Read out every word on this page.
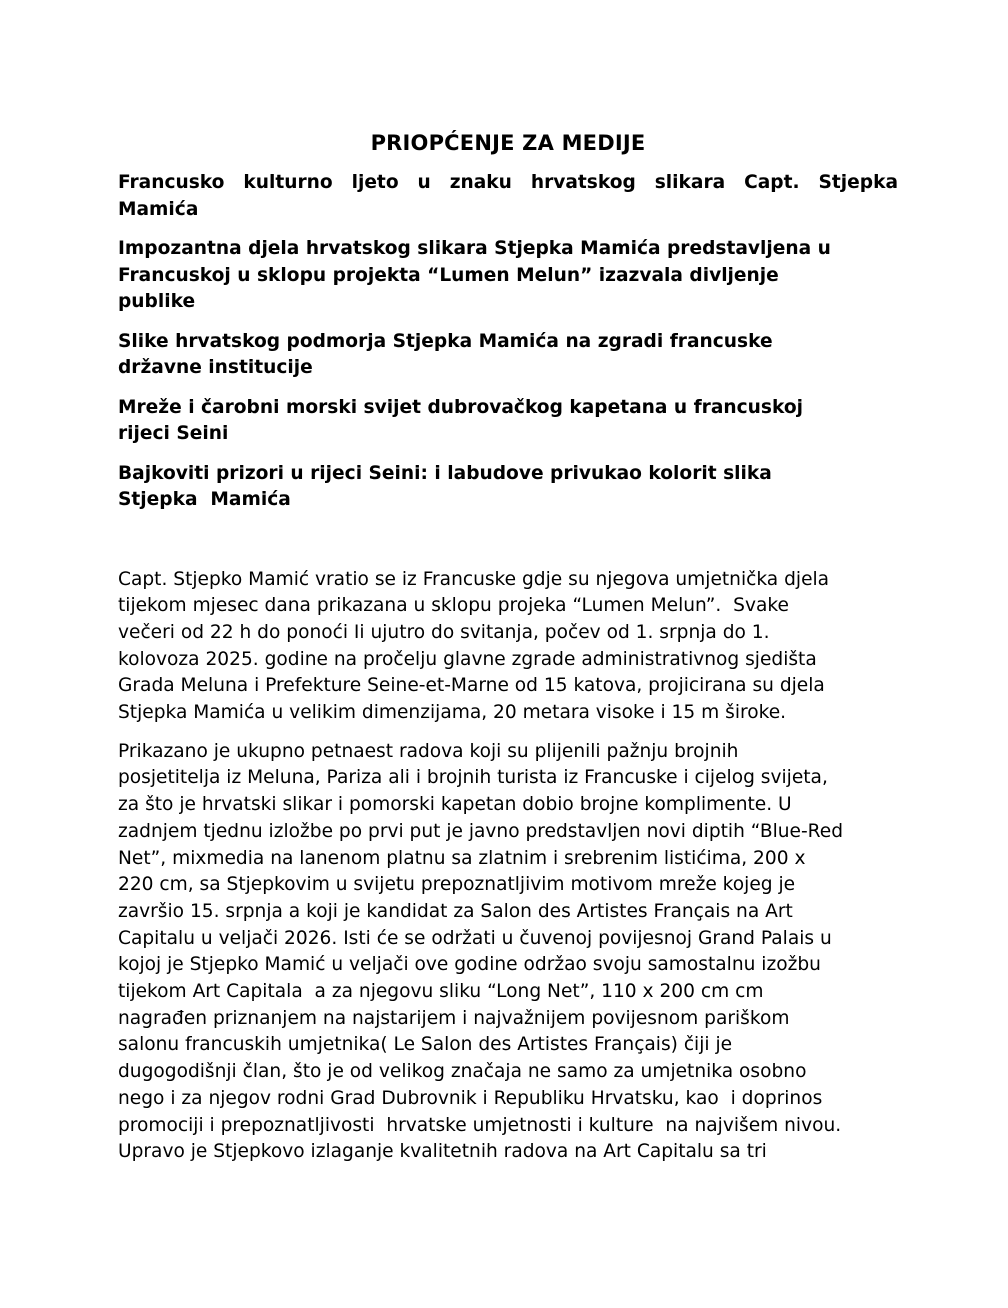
PRIOPĆENJE ZA MEDIJE
Francusko kulturno ljeto u znaku hrvatskog slikara Capt. Stjepka
Mamića
Impozantna djela hrvatskog slikara Stjepka Mamića predstavljena u
Francuskoj u sklopu projekta “Lumen Melun” izazvala divljenje
publike
Slike hrvatskog podmorja Stjepka Mamića na zgradi francuske
državne institucije
Mreže i čarobni morski svijet dubrovačkog kapetana u francuskoj
rijeci Seini
Bajkoviti prizori u rijeci Seini: i labudove privukao kolorit slika
Stjepka  Mamića

Capt. Stjepko Mamić vratio se iz Francuske gdje su njegova umjetnička djela
tijekom mjesec dana prikazana u sklopu projeka “Lumen Melun”.  Svake
večeri od 22 h do ponoći Ii ujutro do svitanja, počev od 1. srpnja do 1.
kolovoza 2025. godine na pročelju glavne zgrade administrativnog sjedišta
Grada Meluna i Prefekture Seine-et-Marne od 15 katova, projicirana su djela
Stjepka Mamića u velikim dimenzijama, 20 metara visoke i 15 m široke.

Prikazano je ukupno petnaest radova koji su plijenili pažnju brojnih
posjetitelja iz Meluna, Pariza ali i brojnih turista iz Francuske i cijelog svijeta,
za što je hrvatski slikar i pomorski kapetan dobio brojne komplimente. U
zadnjem tjednu izložbe po prvi put je javno predstavljen novi diptih “Blue-Red
Net”, mixmedia na lanenom platnu sa zlatnim i srebrenim listićima, 200 x
220 cm, sa Stjepkovim u svijetu prepoznatljivim motivom mreže kojeg je
završio 15. srpnja a koji je kandidat za Salon des Artistes Français na Art
Capitalu u veljači 2026. Isti će se održati u čuvenoj povijesnoj Grand Palais u
kojoj je Stjepko Mamić u veljači ove godine održao svoju samostalnu izožbu
tijekom Art Capitala  a za njegovu sliku “Long Net”, 110 x 200 cm cm
nagrađen priznanjem na najstarijem i najvažnijem povijesnom pariškom
salonu francuskih umjetnika( Le Salon des Artistes Français) čiji je
dugogodišnji član, što je od velikog značaja ne samo za umjetnika osobno
nego i za njegov rodni Grad Dubrovnik i Republiku Hrvatsku, kao  i doprinos
promociji i prepoznatljivosti  hrvatske umjetnosti i kulture  na najvišem nivou.
Upravo je Stjepkovo izlaganje kvalitetnih radova na Art Capitalu sa tri
